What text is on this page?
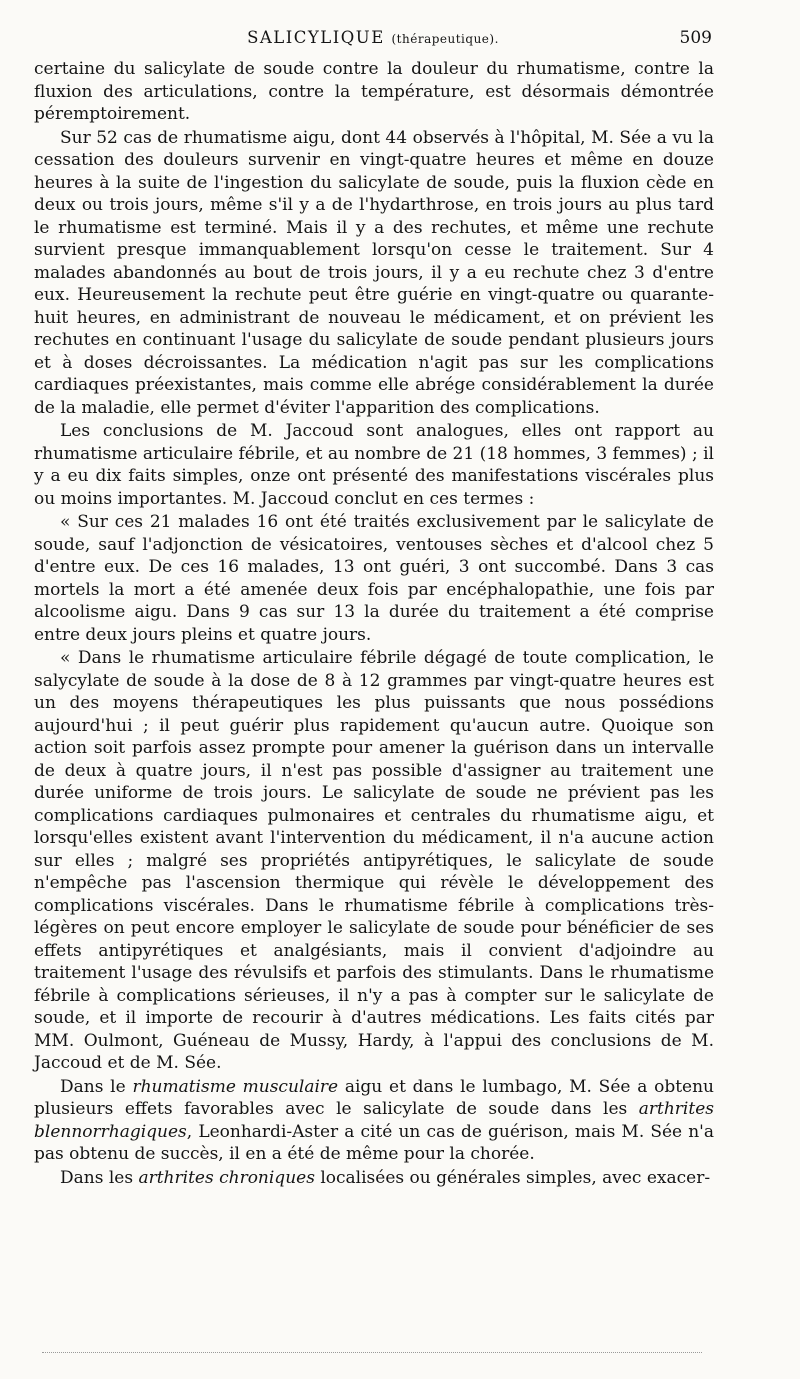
SALICYLIQUE (thérapeutique).	509

certaine du salicylate de soude contre la douleur du rhumatisme, contre la fluxion des articulations, contre la température, est désormais démontrée péremptoirement.

Sur 52 cas de rhumatisme aigu, dont 44 observés à l'hôpital, M. Sée a vu la cessation des douleurs survenir en vingt-quatre heures et même en douze heures à la suite de l'ingestion du salicylate de soude, puis la fluxion cède en deux ou trois jours, même s'il y a de l'hydarthrose, en trois jours au plus tard le rhumatisme est terminé. Mais il y a des rechutes, et même une rechute survient presque immanquablement lorsqu'on cesse le traitement. Sur 4 malades abandonnés au bout de trois jours, il y a eu rechute chez 3 d'entre eux. Heureusement la rechute peut être guérie en vingt-quatre ou quarante-huit heures, en administrant de nouveau le médicament, et on prévient les rechutes en continuant l'usage du salicylate de soude pendant plusieurs jours et à doses décroissantes. La médication n'agit pas sur les complications cardiaques préexistantes, mais comme elle abrége considérablement la durée de la maladie, elle permet d'éviter l'apparition des complications.

Les conclusions de M. Jaccoud sont analogues, elles ont rapport au rhumatisme articulaire fébrile, et au nombre de 21 (18 hommes, 3 femmes) ; il y a eu dix faits simples, onze ont présenté des manifestations viscérales plus ou moins importantes. M. Jaccoud conclut en ces termes :

« Sur ces 21 malades 16 ont été traités exclusivement par le salicylate de soude, sauf l'adjonction de vésicatoires, ventouses sèches et d'alcool chez 5 d'entre eux. De ces 16 malades, 13 ont guéri, 3 ont succombé. Dans 3 cas mortels la mort a été amenée deux fois par encéphalopathie, une fois par alcoolisme aigu. Dans 9 cas sur 13 la durée du traitement a été comprise entre deux jours pleins et quatre jours.

« Dans le rhumatisme articulaire fébrile dégagé de toute complication, le salycylate de soude à la dose de 8 à 12 grammes par vingt-quatre heures est un des moyens thérapeutiques les plus puissants que nous possédions aujourd'hui ; il peut guérir plus rapidement qu'aucun autre. Quoique son action soit parfois assez prompte pour amener la guérison dans un intervalle de deux à quatre jours, il n'est pas possible d'assigner au traitement une durée uniforme de trois jours. Le salicylate de soude ne prévient pas les complications cardiaques pulmonaires et centrales du rhumatisme aigu, et lorsqu'elles existent avant l'intervention du médicament, il n'a aucune action sur elles ; malgré ses propriétés antipyrétiques, le salicylate de soude n'empêche pas l'ascension thermique qui révèle le développement des complications viscérales. Dans le rhumatisme fébrile à complications très-légères on peut encore employer le salicylate de soude pour bénéficier de ses effets antipyrétiques et analgésiants, mais il convient d'adjoindre au traitement l'usage des révulsifs et parfois des stimulants. Dans le rhumatisme fébrile à complications sérieuses, il n'y a pas à compter sur le salicylate de soude, et il importe de recourir à d'autres médications. Les faits cités par MM. Oulmont, Guéneau de Mussy, Hardy, à l'appui des conclusions de M. Jaccoud et de M. Sée.

Dans le rhumatisme musculaire aigu et dans le lumbago, M. Sée a obtenu plusieurs effets favorables avec le salicylate de soude dans les arthrites blennorrhagiques, Leonhardi-Aster a cité un cas de guérison, mais M. Sée n'a pas obtenu de succès, il en a été de même pour la chorée.

Dans les arthrites chroniques localisées ou générales simples, avec exacer-
